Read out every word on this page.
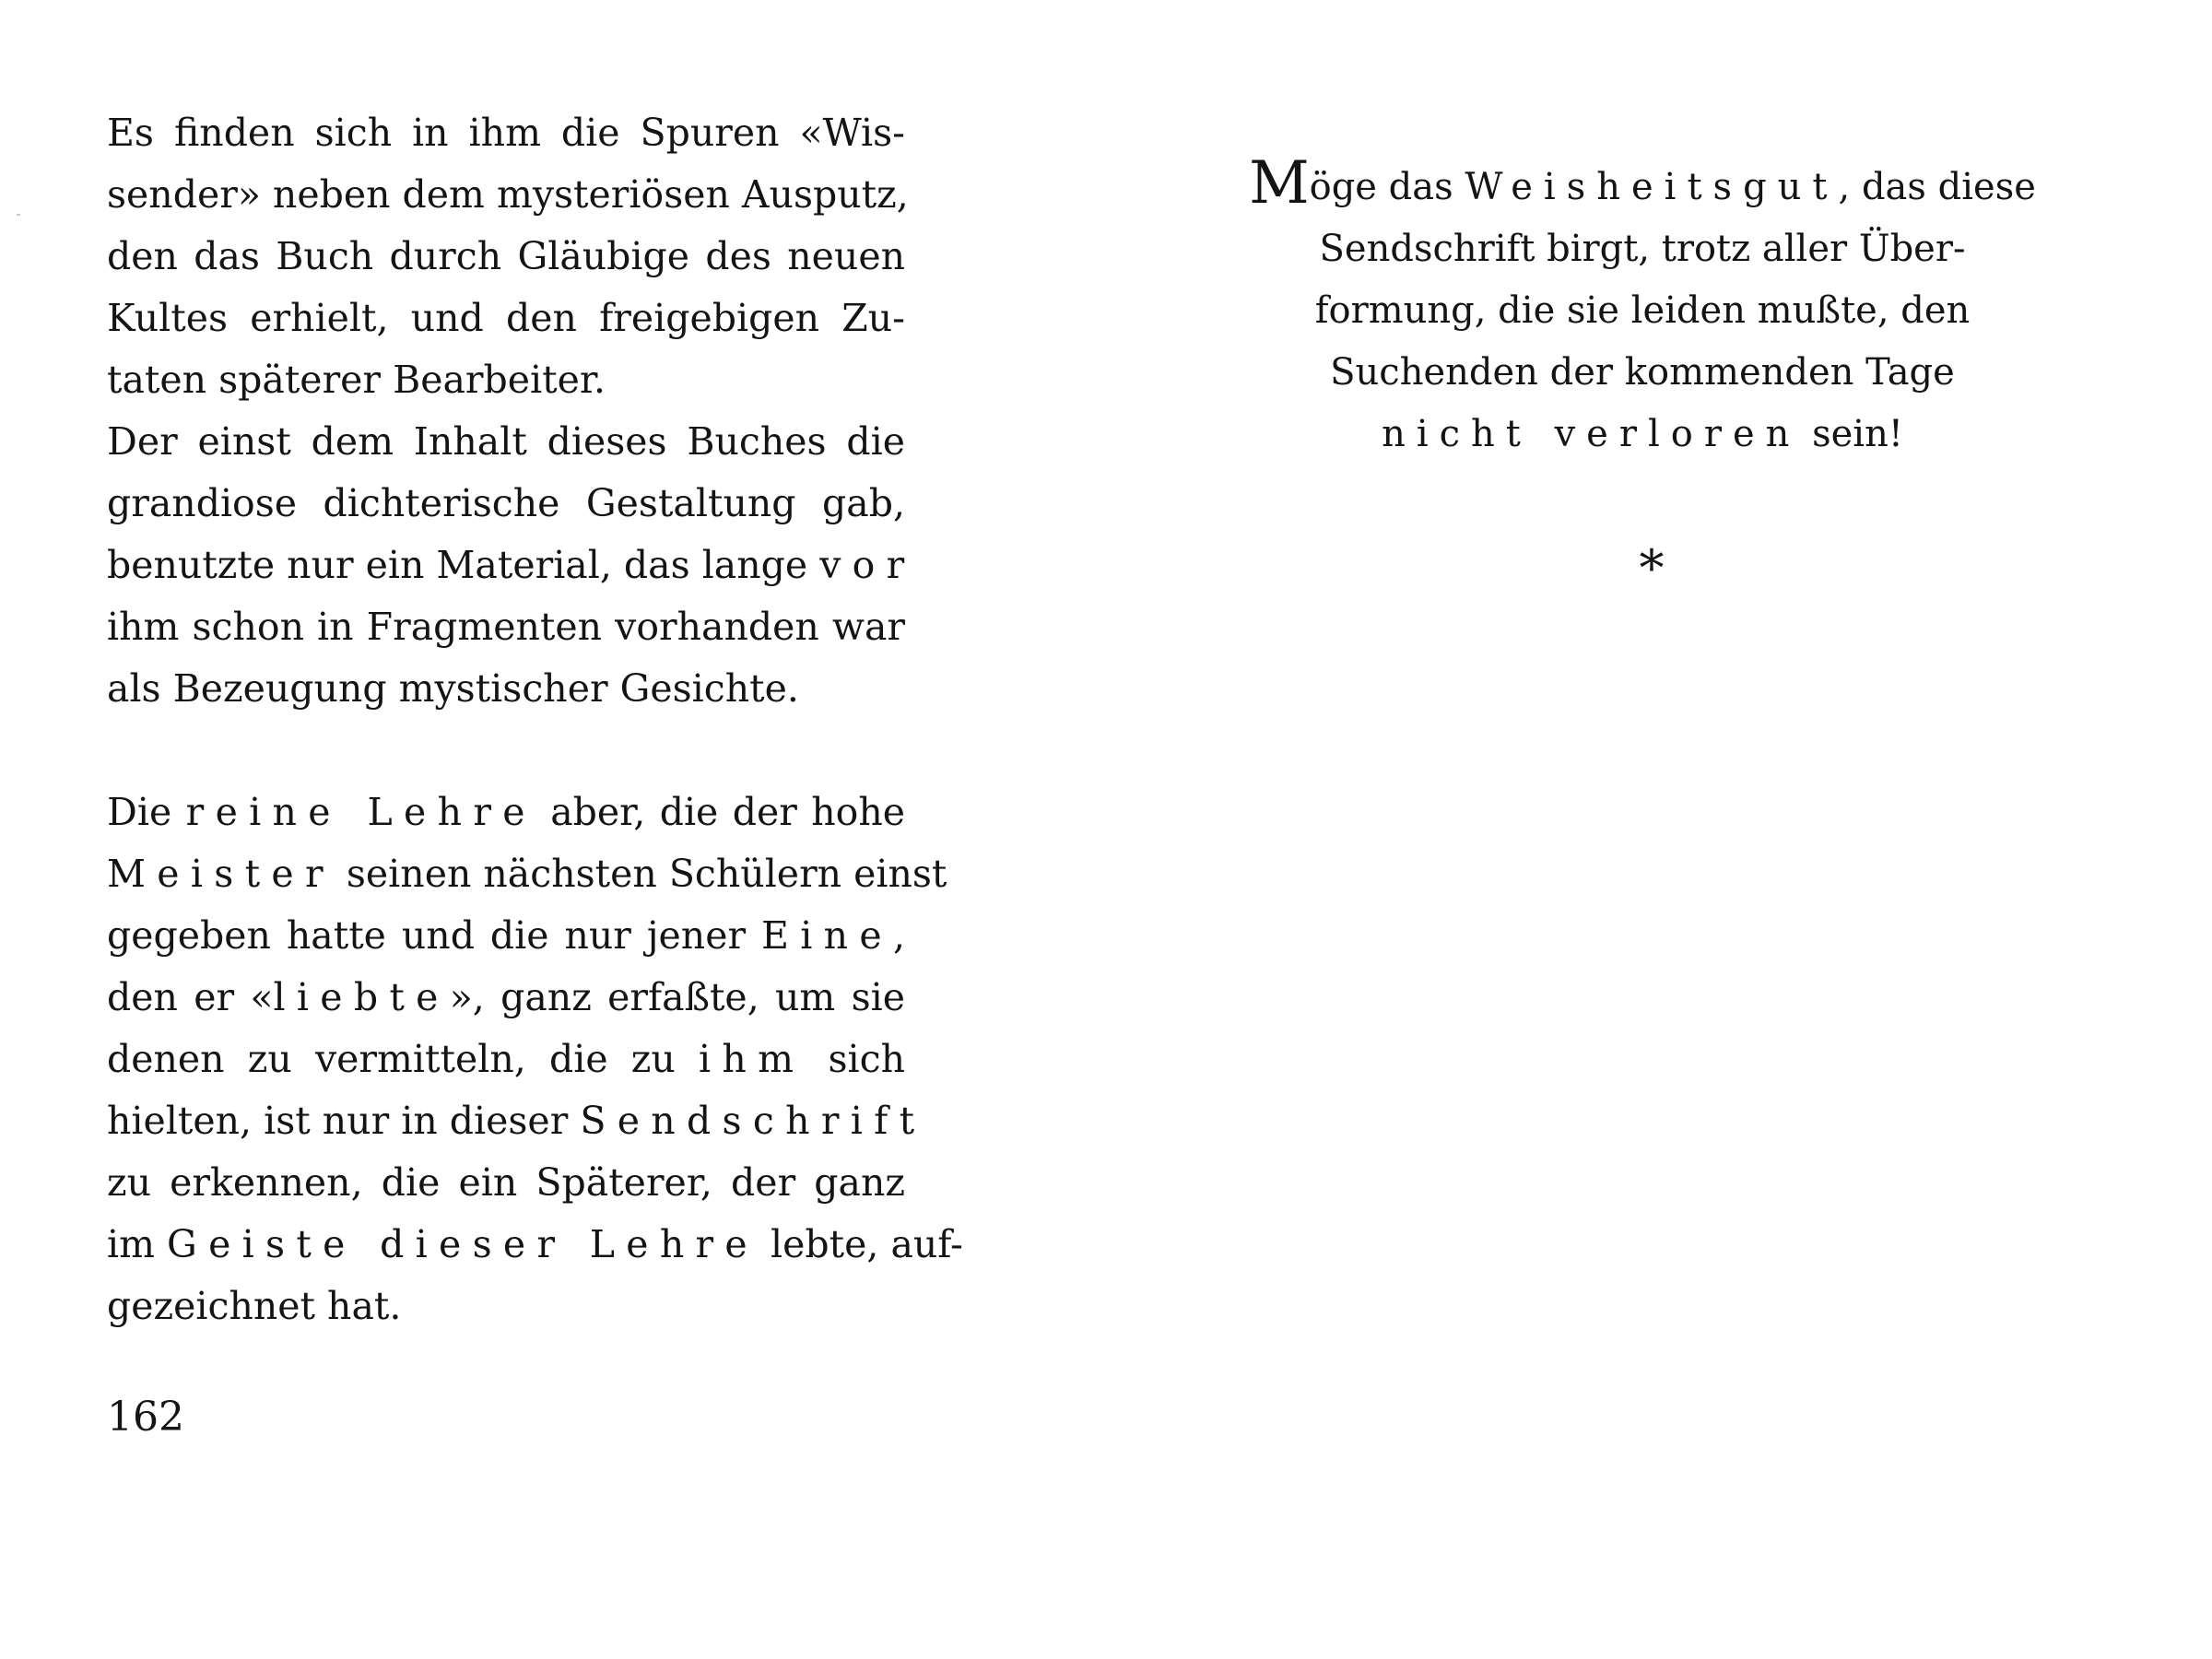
Es finden sich in ihm die Spuren «Wis-
sender» neben dem mysteriösen Ausputz,
den das Buch durch Gläubige des neuen
Kultes erhielt, und den freigebigen Zu-
taten späterer Bearbeiter.
Der einst dem Inhalt dieses Buches die
grandiose dichterische Gestaltung gab,
benutzte nur ein Material, das lange vor
ihm schon in Fragmenten vorhanden war
als Bezeugung mystischer Gesichte.
Die reine Lehre aber, die der hohe
Meister seinen nächsten Schülern einst
gegeben hatte und die nur jener Eine,
den er «liebte», ganz erfaßte, um sie
denen zu vermitteln, die zu ihm sich
hielten, ist nur in dieser Sendschrift
zu erkennen, die ein Späterer, der ganz
im Geiste dieser Lehre lebte, auf-
gezeichnet hat.
162
Möge das Weisheitsgut, das diese
Sendschrift birgt, trotz aller Über-
formung, die sie leiden mußte, den
Suchenden der kommenden Tage
nicht verloren sein!
∗
